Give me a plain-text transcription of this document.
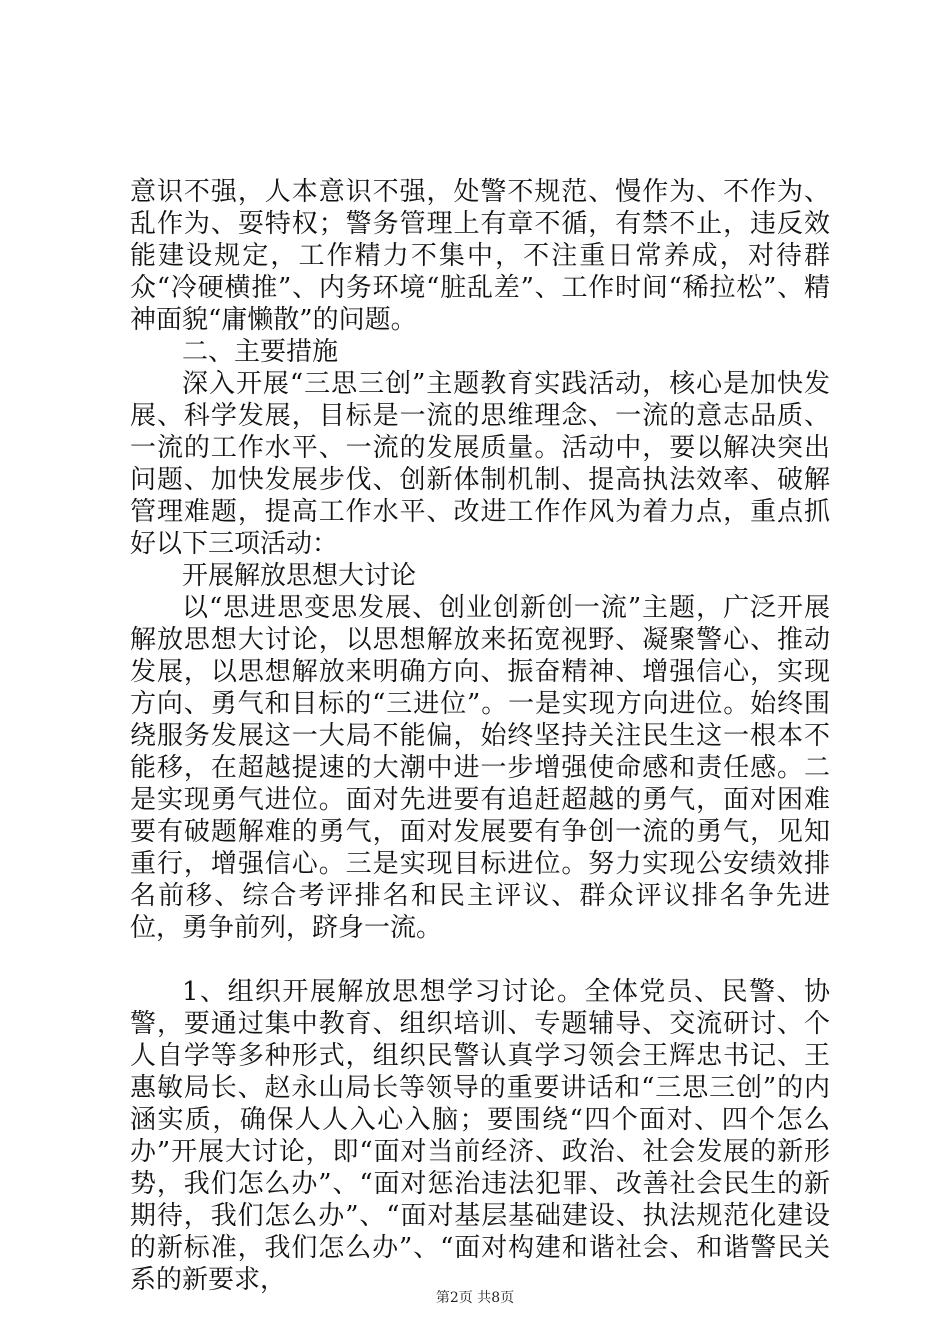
意识不强，人本意识不强，处警不规范、慢作为、不作为、乱作为、耍特权；警务管理上有章不循，有禁不止，违反效能建设规定，工作精力不集中，不注重日常养成，对待群众“冷硬横推”、内务环境“脏乱差”、工作时间“稀拉松”、精神面貌“庸懒散”的问题。

二、主要措施

深入开展“三思三创”主题教育实践活动，核心是加快发展、科学发展，目标是一流的思维理念、一流的意志品质、一流的工作水平、一流的发展质量。活动中，要以解决突出问题、加快发展步伐、创新体制机制、提高执法效率、破解管理难题，提高工作水平、改进工作作风为着力点，重点抓好以下三项活动：

开展解放思想大讨论

以“思进思变思发展、创业创新创一流”主题，广泛开展解放思想大讨论，以思想解放来拓宽视野、凝聚警心、推动发展，以思想解放来明确方向、振奋精神、增强信心，实现方向、勇气和目标的“三进位”。一是实现方向进位。始终围绕服务发展这一大局不能偏，始终坚持关注民生这一根本不能移，在超越提速的大潮中进一步增强使命感和责任感。二是实现勇气进位。面对先进要有追赶超越的勇气，面对困难要有破题解难的勇气，面对发展要有争创一流的勇气，见知重行，增强信心。三是实现目标进位。努力实现公安绩效排名前移、综合考评排名和民主评议、群众评议排名争先进位，勇争前列，跻身一流。

1、组织开展解放思想学习讨论。全体党员、民警、协警，要通过集中教育、组织培训、专题辅导、交流研讨、个人自学等多种形式，组织民警认真学习领会王辉忠书记、王惠敏局长、赵永山局长等领导的重要讲话和“三思三创”的内涵实质，确保人人入心入脑；要围绕“四个面对、四个怎么办”开展大讨论，即“面对当前经济、政治、社会发展的新形势，我们怎么办”、“面对惩治违法犯罪、改善社会民生的新期待，我们怎么办”、“面对基层基础建设、执法规范化建设的新标准，我们怎么办”、“面对构建和谐社会、和谐警民关系的新要求，

第2页 共8页
